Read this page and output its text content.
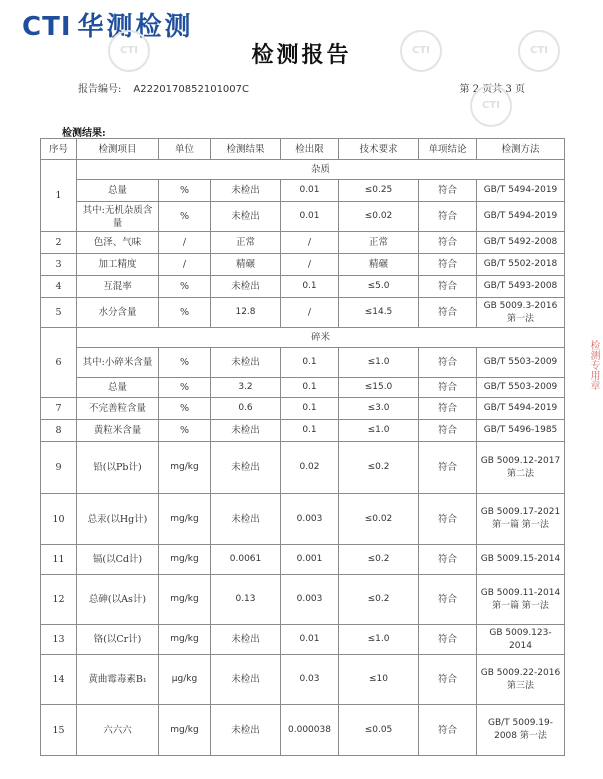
CTI 华测检测
检测报告
报告编号: A2220170852101007C	第 2 页共 3 页
检测结果:
CTI	CTI	CTI
CTI
序号	检测项目	单位	检测结果	检出限	技术要求	单项结论	检测方法
1	杂质						
	总量	%	未检出	0.01	≤0.25	符合	GB/T 5494-2019
	其中:无机杂质含量	%	未检出	0.01	≤0.02	符合	GB/T 5494-2019
2	色泽、气味	/	正常	/	正常	符合	GB/T 5492-2008
3	加工精度	/	精碾	/	精碾	符合	GB/T 5502-2018
4	互混率	%	未检出	0.1	≤5.0	符合	GB/T 5493-2008
5	水分含量	%	12.8	/	≤14.5	符合	GB 5009.3-2016 第一法
6	碎米						
	其中:小碎米含量	%	未检出	0.1	≤1.0	符合	GB/T 5503-2009
	总量	%	3.2	0.1	≤15.0	符合	GB/T 5503-2009
7	不完善粒含量	%	0.6	0.1	≤3.0	符合	GB/T 5494-2019
8	黄粒米含量	%	未检出	0.1	≤1.0	符合	GB/T 5496-1985
9	铅(以Pb计)	mg/kg	未检出	0.02	≤0.2	符合	GB 5009.12-2017 第二法
10	总汞(以Hg计)	mg/kg	未检出	0.003	≤0.02	符合	GB 5009.17-2021 第一篇 第一法
11	镉(以Cd计)	mg/kg	0.0061	0.001	≤0.2	符合	GB 5009.15-2014
12	总砷(以As计)	mg/kg	0.13	0.003	≤0.2	符合	GB 5009.11-2014 第一篇 第一法
13	铬(以Cr计)	mg/kg	未检出	0.01	≤1.0	符合	GB 5009.123-2014
14	黄曲霉毒素B₁	μg/kg	未检出	0.03	≤10	符合	GB 5009.22-2016 第三法
15	六六六	mg/kg	未检出	0.000038	≤0.05	符合	GB/T 5009.19-2008 第一法
检测专用章
